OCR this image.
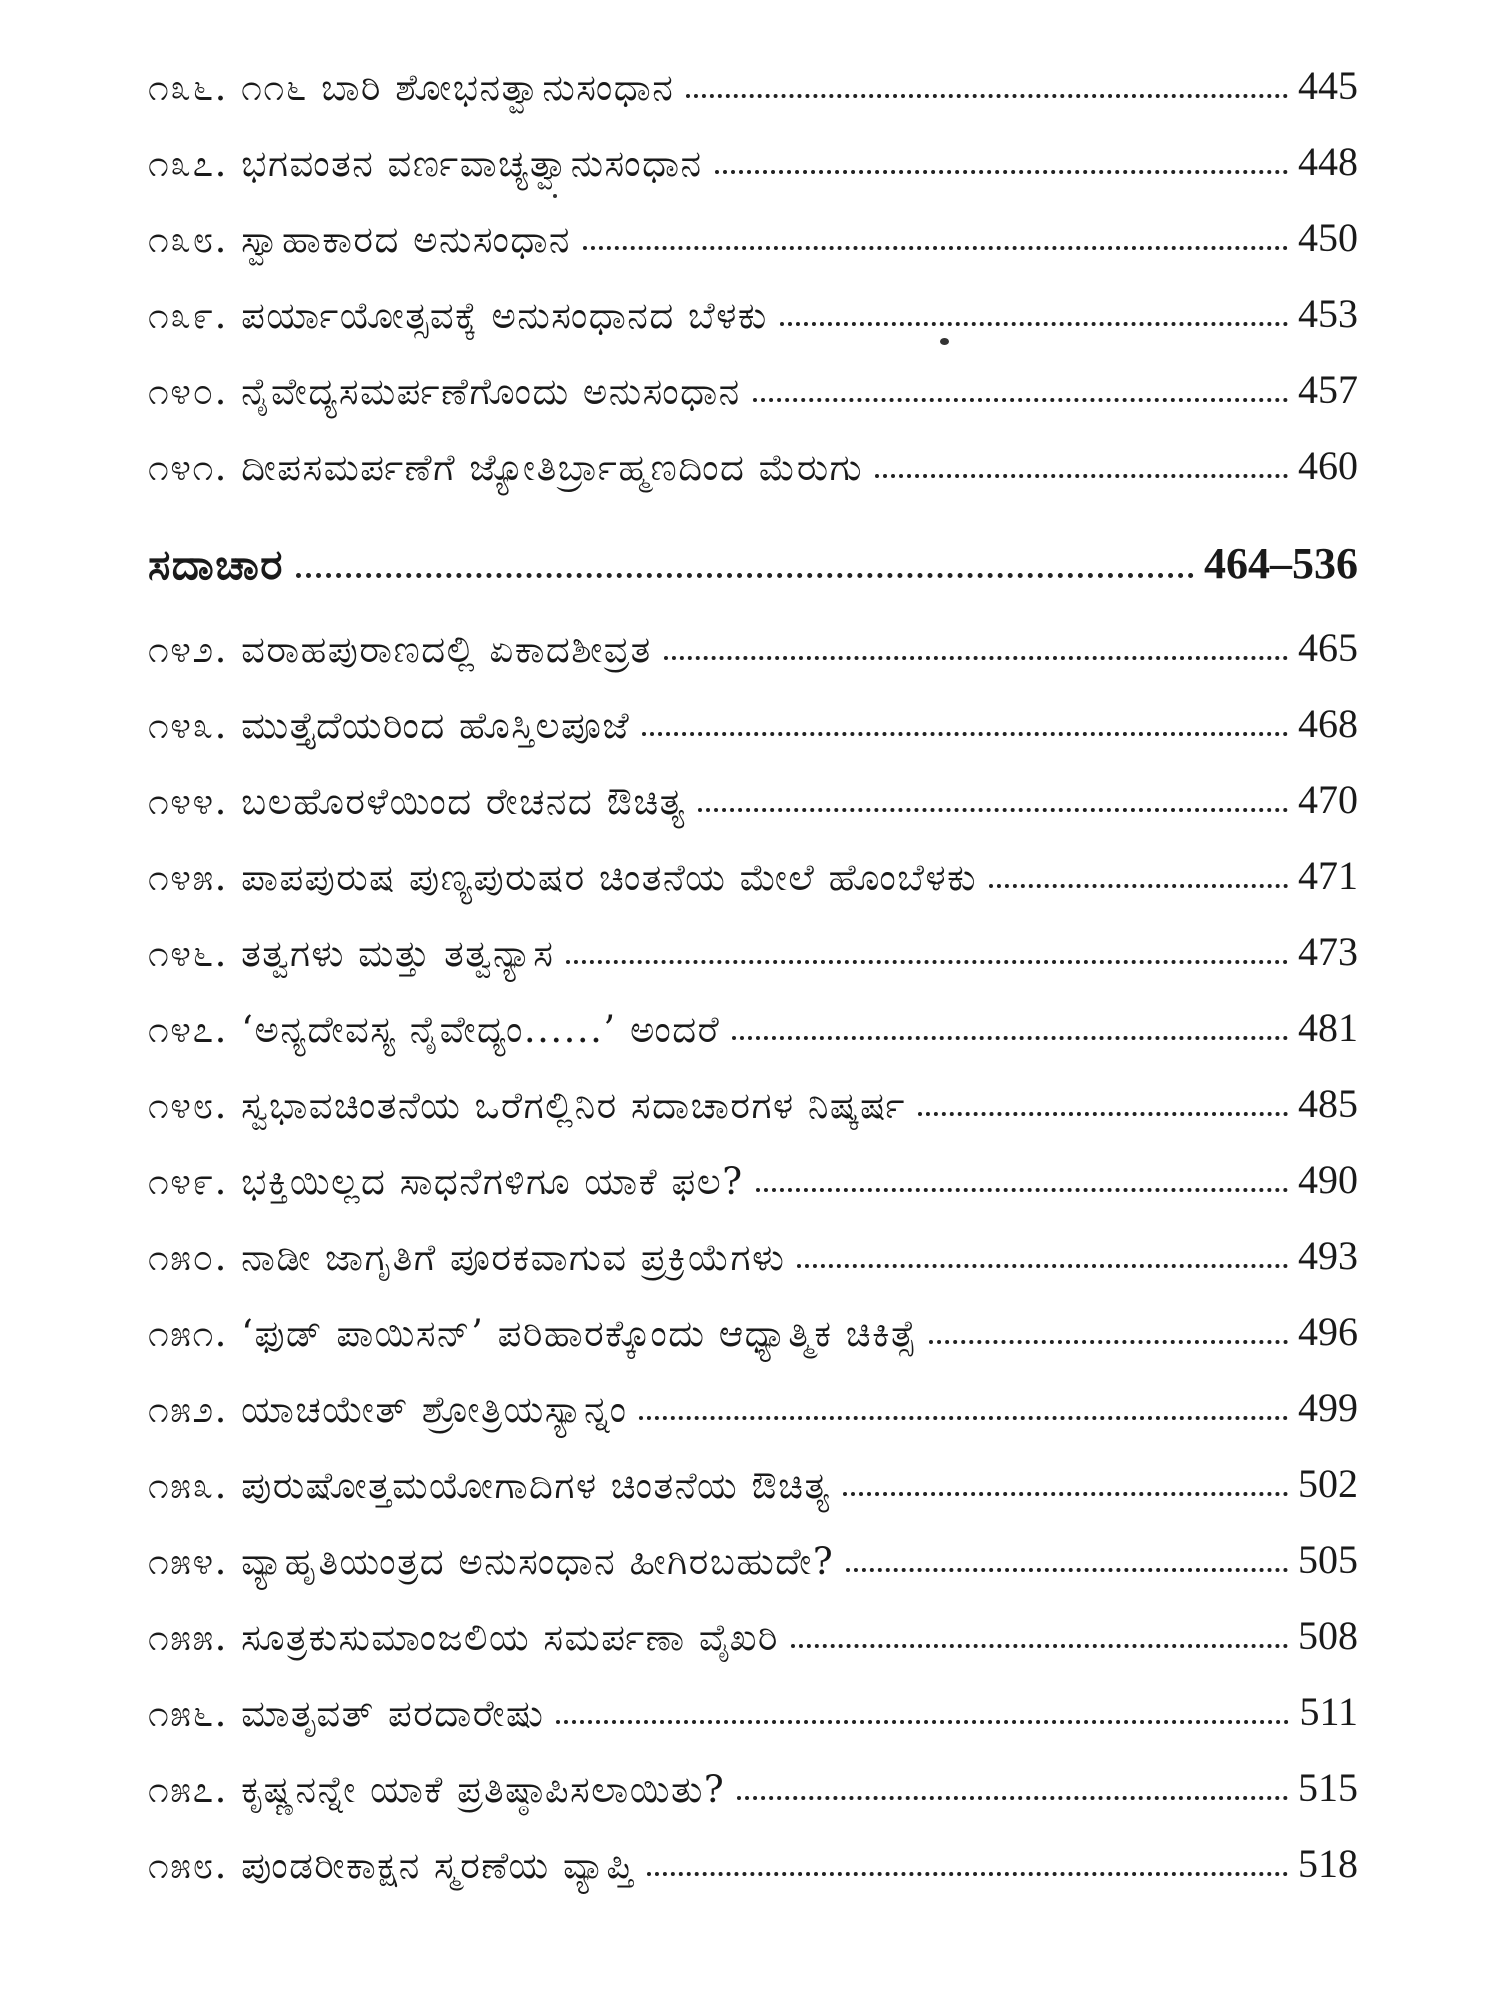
೧೩೬. ೧೧೬ ಬಾರಿ ಶೋಭನತ್ವಾನುಸಂಧಾನ	445
೧೩೭. ಭಗವಂತನ ವರ್ಣವಾಚ್ಯತ್ವಾನುಸಂಧಾನ	448
೧೩೮. ಸ್ವಾಹಾಕಾರದ ಅನುಸಂಧಾನ	450
೧೩೯. ಪರ್ಯಾಯೋತ್ಸವಕ್ಕೆ ಅನುಸಂಧಾನದ ಬೆಳಕು	453
೧೪೦. ನೈವೇದ್ಯಸಮರ್ಪಣೆಗೊಂದು ಅನುಸಂಧಾನ	457
೧೪೧. ದೀಪಸಮರ್ಪಣೆಗೆ ಜ್ಯೋತಿರ್ಬ್ರಾಹ್ಮಣದಿಂದ ಮೆರುಗು	460
ಸದಾಚಾರ	464–536
೧೪೨. ವರಾಹಪುರಾಣದಲ್ಲಿ ಏಕಾದಶೀವ್ರತ	465
೧೪೩. ಮುತ್ತೈದೆಯರಿಂದ ಹೊಸ್ತಿಲಪೂಜೆ	468
೧೪೪. ಬಲಹೊರಳೆಯಿಂದ ರೇಚನದ ಔಚಿತ್ಯ	470
೧೪೫. ಪಾಪಪುರುಷ ಪುಣ್ಯಪುರುಷರ ಚಿಂತನೆಯ ಮೇಲೆ ಹೊಂಬೆಳಕು	471
೧೪೬. ತತ್ವಗಳು ಮತ್ತು ತತ್ವನ್ಯಾಸ	473
೧೪೭. ‘ಅನ್ಯದೇವಸ್ಯ ನೈವೇದ್ಯಂ......’ ಅಂದರೆ	481
೧೪೮. ಸ್ವಭಾವಚಿಂತನೆಯ ಒರೆಗಲ್ಲಿನಿರ ಸದಾಚಾರಗಳ ನಿಷ್ಕರ್ಷ	485
೧೪೯. ಭಕ್ತಿಯಿಲ್ಲದ ಸಾಧನೆಗಳಿಗೂ ಯಾಕೆ ಫಲ?	490
೧೫೦. ನಾಡೀ ಜಾಗೃತಿಗೆ ಪೂರಕವಾಗುವ ಪ್ರಕ್ರಿಯೆಗಳು	493
೧೫೧. ‘ಫುಡ್ ಪಾಯಿಸನ್’ ಪರಿಹಾರಕ್ಕೊಂದು ಆಧ್ಯಾತ್ಮಿಕ ಚಿಕಿತ್ಸೆ	496
೧೫೨. ಯಾಚಯೇತ್ ಶ್ರೋತ್ರಿಯಸ್ಯಾನ್ನಂ	499
೧೫೩. ಪುರುಷೋತ್ತಮಯೋಗಾದಿಗಳ ಚಿಂತನೆಯ ಔಚಿತ್ಯ	502
೧೫೪. ವ್ಯಾಹೃತಿಯಂತ್ರದ ಅನುಸಂಧಾನ ಹೀಗಿರಬಹುದೇ?	505
೧೫೫. ಸೂತ್ರಕುಸುಮಾಂಜಲಿಯ ಸಮರ್ಪಣಾ ವೈಖರಿ	508
೧೫೬. ಮಾತೃವತ್ ಪರದಾರೇಷು	511
೧೫೭. ಕೃಷ್ಣನನ್ನೇ ಯಾಕೆ ಪ್ರತಿಷ್ಠಾಪಿಸಲಾಯಿತು?	515
೧೫೮. ಪುಂಡರೀಕಾಕ್ಷನ ಸ್ಮರಣೆಯ ವ್ಯಾಪ್ತಿ	518
